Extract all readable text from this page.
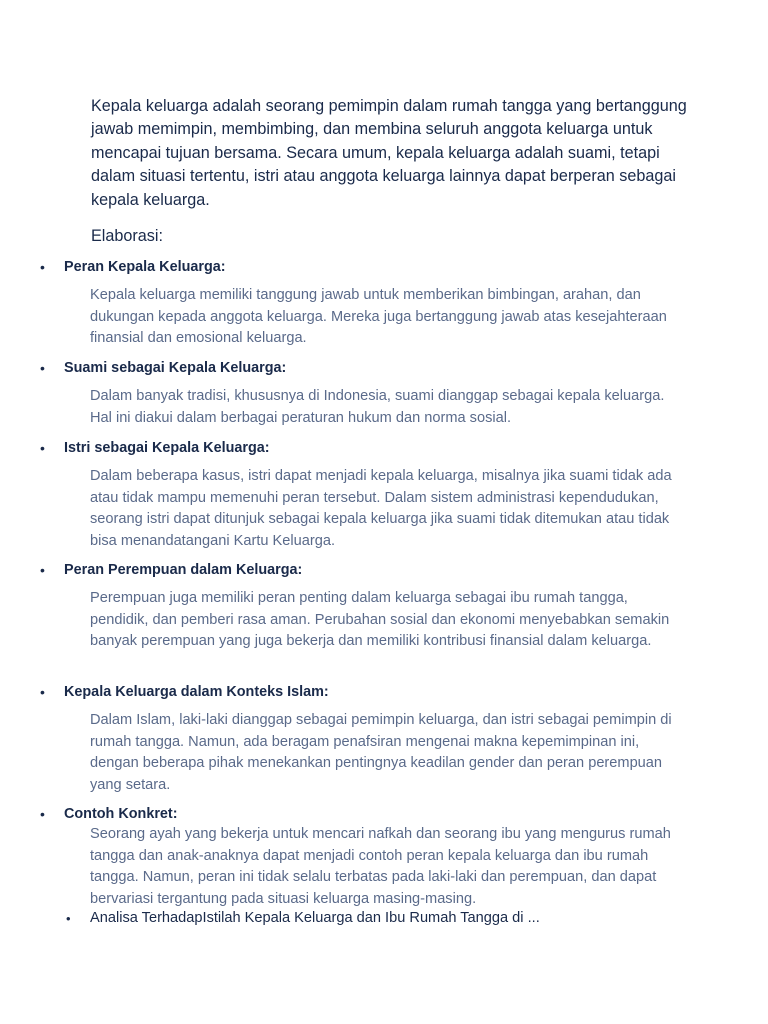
Kepala keluarga adalah seorang pemimpin dalam rumah tangga yang bertanggung jawab memimpin, membimbing, dan membina seluruh anggota keluarga untuk mencapai tujuan bersama. Secara umum, kepala keluarga adalah suami, tetapi dalam situasi tertentu, istri atau anggota keluarga lainnya dapat berperan sebagai kepala keluarga.

Elaborasi:

• Peran Kepala Keluarga:

Kepala keluarga memiliki tanggung jawab untuk memberikan bimbingan, arahan, dan dukungan kepada anggota keluarga. Mereka juga bertanggung jawab atas kesejahteraan finansial dan emosional keluarga.

• Suami sebagai Kepala Keluarga:

Dalam banyak tradisi, khususnya di Indonesia, suami dianggap sebagai kepala keluarga. Hal ini diakui dalam berbagai peraturan hukum dan norma sosial.

• Istri sebagai Kepala Keluarga:

Dalam beberapa kasus, istri dapat menjadi kepala keluarga, misalnya jika suami tidak ada atau tidak mampu memenuhi peran tersebut. Dalam sistem administrasi kependudukan, seorang istri dapat ditunjuk sebagai kepala keluarga jika suami tidak ditemukan atau tidak bisa menandatangani Kartu Keluarga.

• Peran Perempuan dalam Keluarga:

Perempuan juga memiliki peran penting dalam keluarga sebagai ibu rumah tangga, pendidik, dan pemberi rasa aman. Perubahan sosial dan ekonomi menyebabkan semakin banyak perempuan yang juga bekerja dan memiliki kontribusi finansial dalam keluarga.

• Kepala Keluarga dalam Konteks Islam:

Dalam Islam, laki-laki dianggap sebagai pemimpin keluarga, dan istri sebagai pemimpin di rumah tangga. Namun, ada beragam penafsiran mengenai makna kepemimpinan ini, dengan beberapa pihak menekankan pentingnya keadilan gender dan peran perempuan yang setara.

• Contoh Konkret:

Seorang ayah yang bekerja untuk mencari nafkah dan seorang ibu yang mengurus rumah tangga dan anak-anaknya dapat menjadi contoh peran kepala keluarga dan ibu rumah tangga. Namun, peran ini tidak selalu terbatas pada laki-laki dan perempuan, dan dapat bervariasi tergantung pada situasi keluarga masing-masing.

• Analisa TerhadapIstilah Kepala Keluarga dan Ibu Rumah Tangga di ...
